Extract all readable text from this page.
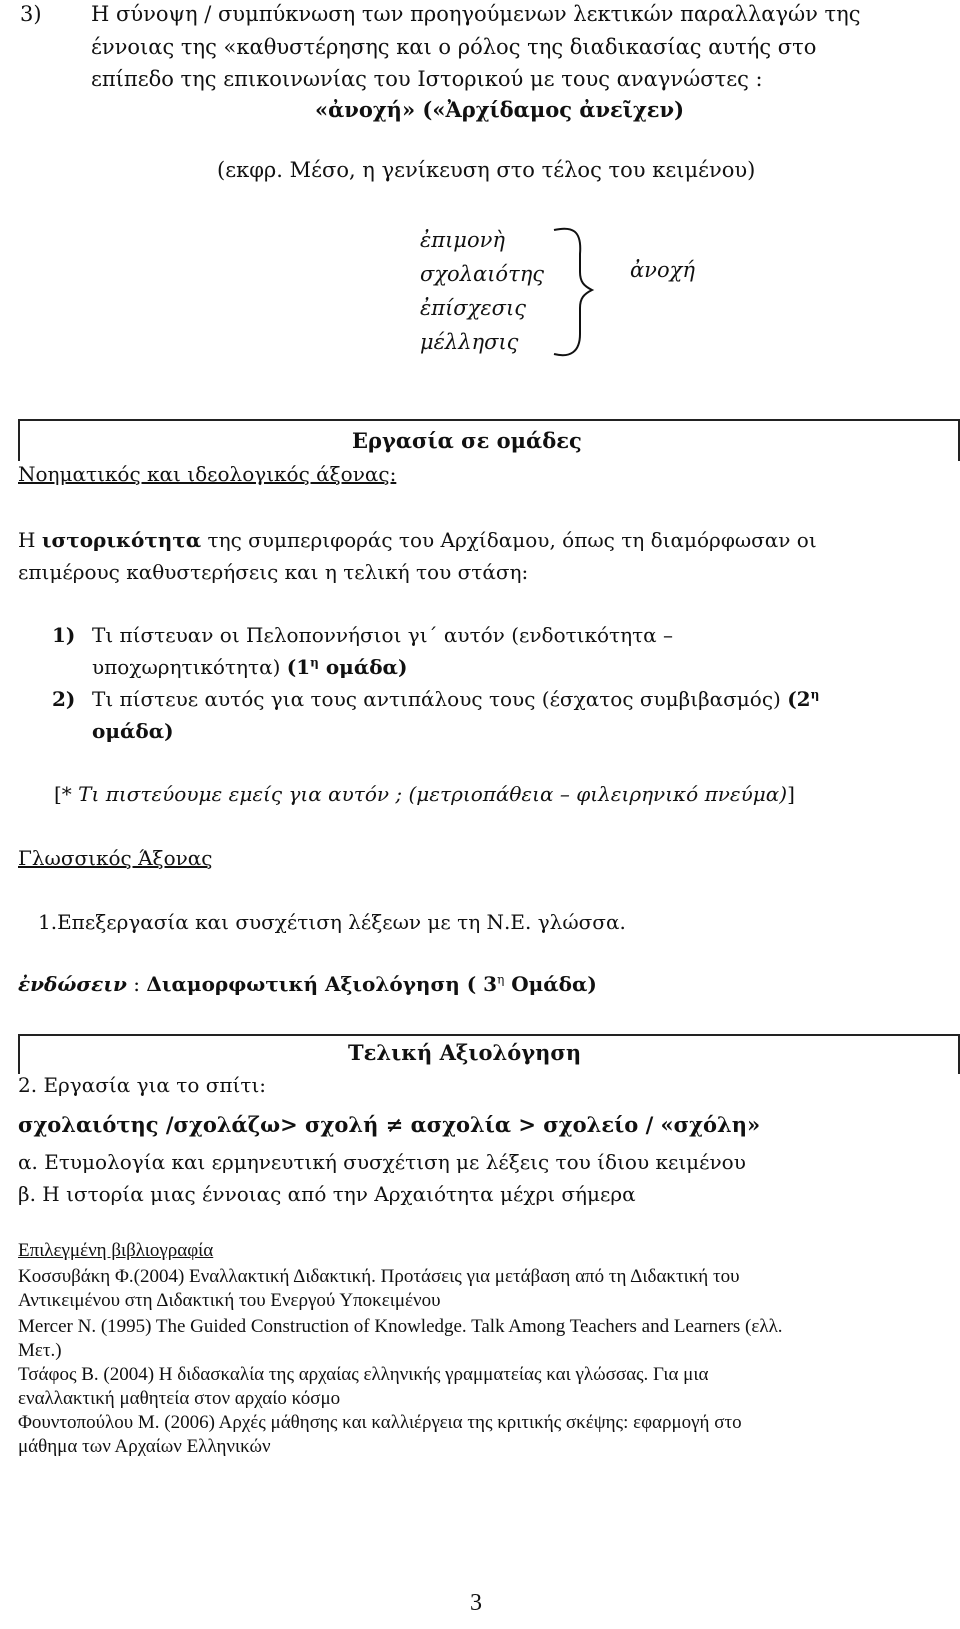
3) Η σύνοψη / συμπύκνωση των προηγούμενων λεκτικών παραλλαγών της
έννοιας της «καθυστέρησης και ο ρόλος της διαδικασίας αυτής στο
επίπεδο της επικοινωνίας του Ιστορικού με τους αναγνώστες :
«ἀνοχή» («Ἀρχίδαμος ἀνεῖχεν)
(εκφρ. Μέσο, η γενίκευση στο τέλος του κειμένου)
ἐπιμονὴ
σχολαιότης
ἐπίσχεσις
μέλλησις
ἀνοχή
Εργασία σε ομάδες
Νοηματικός και ιδεολογικός άξονας:
Η ιστορικότητα της συμπεριφοράς του Αρχίδαμου, όπως τη διαμόρφωσαν οι
επιμέρους καθυστερήσεις και η τελική του στάση:
1) Τι πίστευαν οι Πελοποννήσιοι γι΄ αυτόν (ενδοτικότητα –
υποχωρητικότητα) ($1^\eta$ ομάδα)
2) Τι πίστευε αυτός για τους αντιπάλους τους (έσχατος συμβιβασμός) ($2^\eta$
ομάδα)
[* Τι πιστεύουμε εμείς για αυτόν ; (μετριοπάθεια – φιλειρηνικό πνεύμα)]
Γλωσσικός Άξονας
1.Επεξεργασία και συσχέτιση λέξεων με τη Ν.Ε. γλώσσα.
ἐνδώσειν : Διαμορφωτική Αξιολόγηση ( $3^\eta$ Ομάδα)
Τελική Αξιολόγηση
2. Εργασία για το σπίτι:
σχολαιότης /σχολάζω> σχολή ≠ ασχολία > σχολείο / «σχόλη»
α. Ετυμολογία και ερμηνευτική συσχέτιση με λέξεις του ίδιου κειμένου
β. Η ιστορία μιας έννοιας από την Αρχαιότητα μέχρι σήμερα
Επιλεγμένη βιβλιογραφία
Κοσσυβάκη Φ.(2004) Εναλλακτική Διδακτική. Προτάσεις για μετάβαση από τη Διδακτική του
Αντικειμένου στη Διδακτική του Ενεργού Υποκειμένου
Mercer N. (1995) The Guided Construction of Knowledge. Talk Among Teachers and Learners (ελλ.
Μετ.)
Τσάφος Β. (2004) Η διδασκαλία της αρχαίας ελληνικής γραμματείας και γλώσσας. Για μια
εναλλακτική μαθητεία στον αρχαίο κόσμο
Φουντοπούλου Μ. (2006) Αρχές μάθησης και καλλιέργεια της κριτικής σκέψης: εφαρμογή στο
μάθημα των Αρχαίων Ελληνικών
3
